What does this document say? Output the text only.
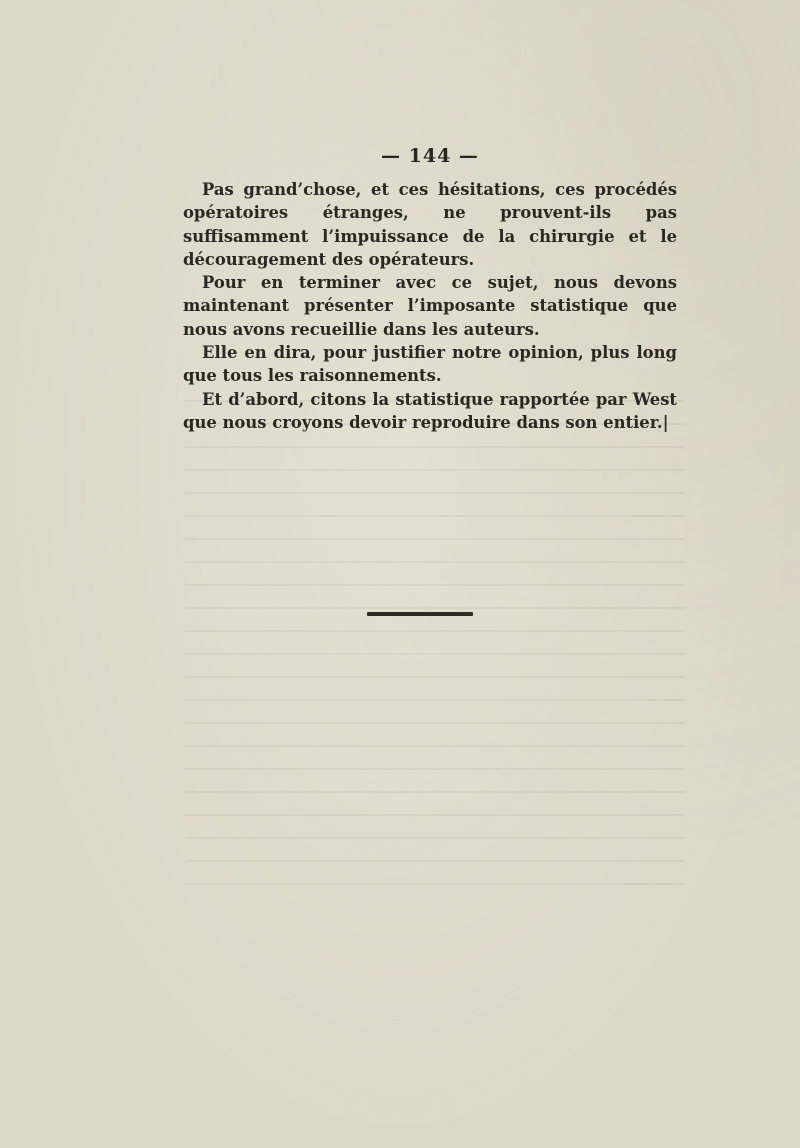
— 144 —

Pas grand’chose, et ces hésitations, ces procédés opératoires étranges, ne prouvent-ils pas suffisamment l’impuissance de la chirurgie et le découragement des opérateurs.

Pour en terminer avec ce sujet, nous devons maintenant présenter l’imposante statistique que nous avons recueillie dans les auteurs.

Elle en dira, pour justifier notre opinion, plus long que tous les raisonnements.

Et d’abord, citons la statistique rapportée par West que nous croyons devoir reproduire dans son entier.|
